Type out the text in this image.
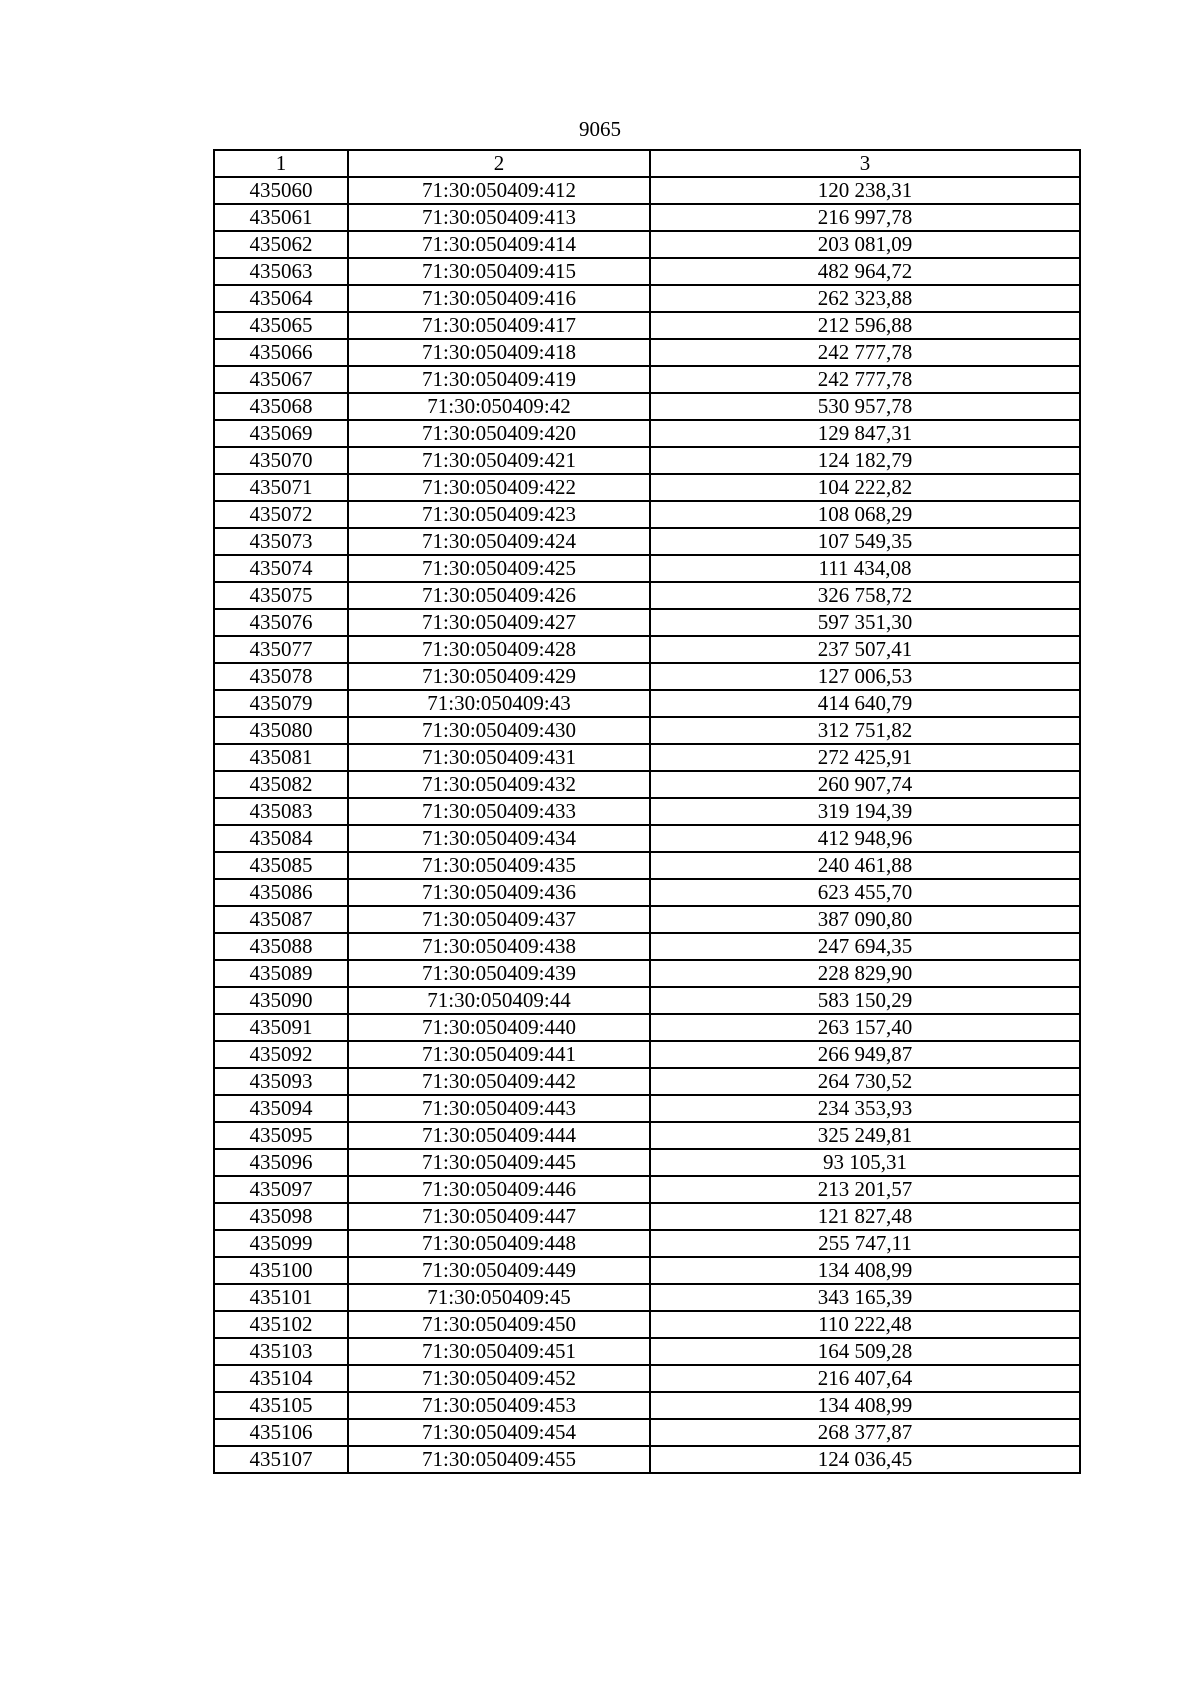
9065
1	2	3
435060	71:30:050409:412	120 238,31
435061	71:30:050409:413	216 997,78
435062	71:30:050409:414	203 081,09
435063	71:30:050409:415	482 964,72
435064	71:30:050409:416	262 323,88
435065	71:30:050409:417	212 596,88
435066	71:30:050409:418	242 777,78
435067	71:30:050409:419	242 777,78
435068	71:30:050409:42	530 957,78
435069	71:30:050409:420	129 847,31
435070	71:30:050409:421	124 182,79
435071	71:30:050409:422	104 222,82
435072	71:30:050409:423	108 068,29
435073	71:30:050409:424	107 549,35
435074	71:30:050409:425	111 434,08
435075	71:30:050409:426	326 758,72
435076	71:30:050409:427	597 351,30
435077	71:30:050409:428	237 507,41
435078	71:30:050409:429	127 006,53
435079	71:30:050409:43	414 640,79
435080	71:30:050409:430	312 751,82
435081	71:30:050409:431	272 425,91
435082	71:30:050409:432	260 907,74
435083	71:30:050409:433	319 194,39
435084	71:30:050409:434	412 948,96
435085	71:30:050409:435	240 461,88
435086	71:30:050409:436	623 455,70
435087	71:30:050409:437	387 090,80
435088	71:30:050409:438	247 694,35
435089	71:30:050409:439	228 829,90
435090	71:30:050409:44	583 150,29
435091	71:30:050409:440	263 157,40
435092	71:30:050409:441	266 949,87
435093	71:30:050409:442	264 730,52
435094	71:30:050409:443	234 353,93
435095	71:30:050409:444	325 249,81
435096	71:30:050409:445	93 105,31
435097	71:30:050409:446	213 201,57
435098	71:30:050409:447	121 827,48
435099	71:30:050409:448	255 747,11
435100	71:30:050409:449	134 408,99
435101	71:30:050409:45	343 165,39
435102	71:30:050409:450	110 222,48
435103	71:30:050409:451	164 509,28
435104	71:30:050409:452	216 407,64
435105	71:30:050409:453	134 408,99
435106	71:30:050409:454	268 377,87
435107	71:30:050409:455	124 036,45
